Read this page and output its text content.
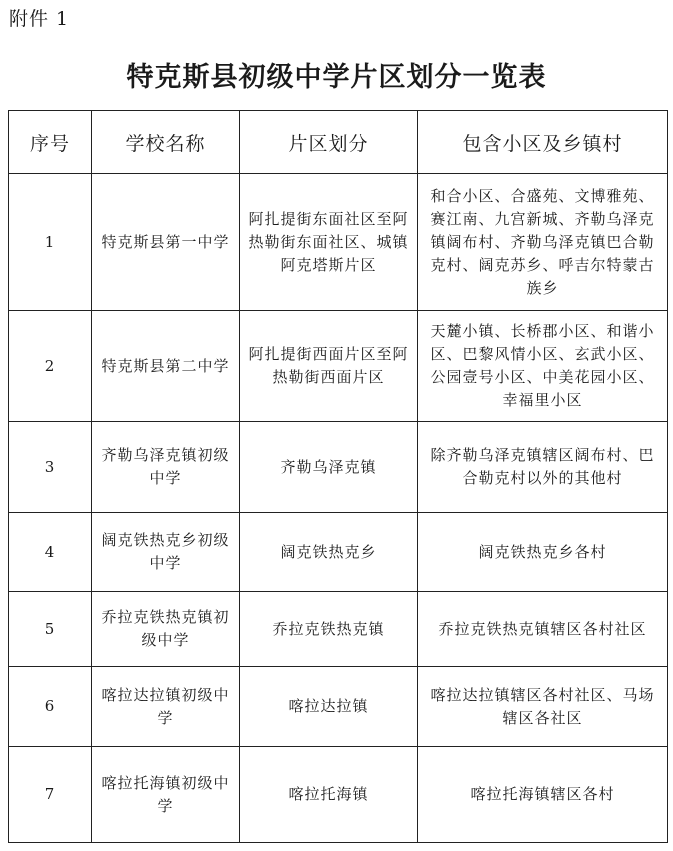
附件 1
特克斯县初级中学片区划分一览表
序号	学校名称	片区划分	包含小区及乡镇村
1	特克斯县第一中学	阿扎提街东面社区至阿热勒街东面社区、城镇阿克塔斯片区	和合小区、合盛苑、文博雅苑、赛江南、九宫新城、齐勒乌泽克镇阔布村、齐勒乌泽克镇巴合勒克村、阔克苏乡、呼吉尔特蒙古族乡
2	特克斯县第二中学	阿扎提街西面片区至阿热勒街西面片区	天麓小镇、长桥郡小区、和谐小区、巴黎风情小区、玄武小区、公园壹号小区、中美花园小区、幸福里小区
3	齐勒乌泽克镇初级中学	齐勒乌泽克镇	除齐勒乌泽克镇辖区阔布村、巴合勒克村以外的其他村
4	阔克铁热克乡初级中学	阔克铁热克乡	阔克铁热克乡各村
5	乔拉克铁热克镇初级中学	乔拉克铁热克镇	乔拉克铁热克镇辖区各村社区
6	喀拉达拉镇初级中学	喀拉达拉镇	喀拉达拉镇辖区各村社区、马场辖区各社区
7	喀拉托海镇初级中学	喀拉托海镇	喀拉托海镇辖区各村
